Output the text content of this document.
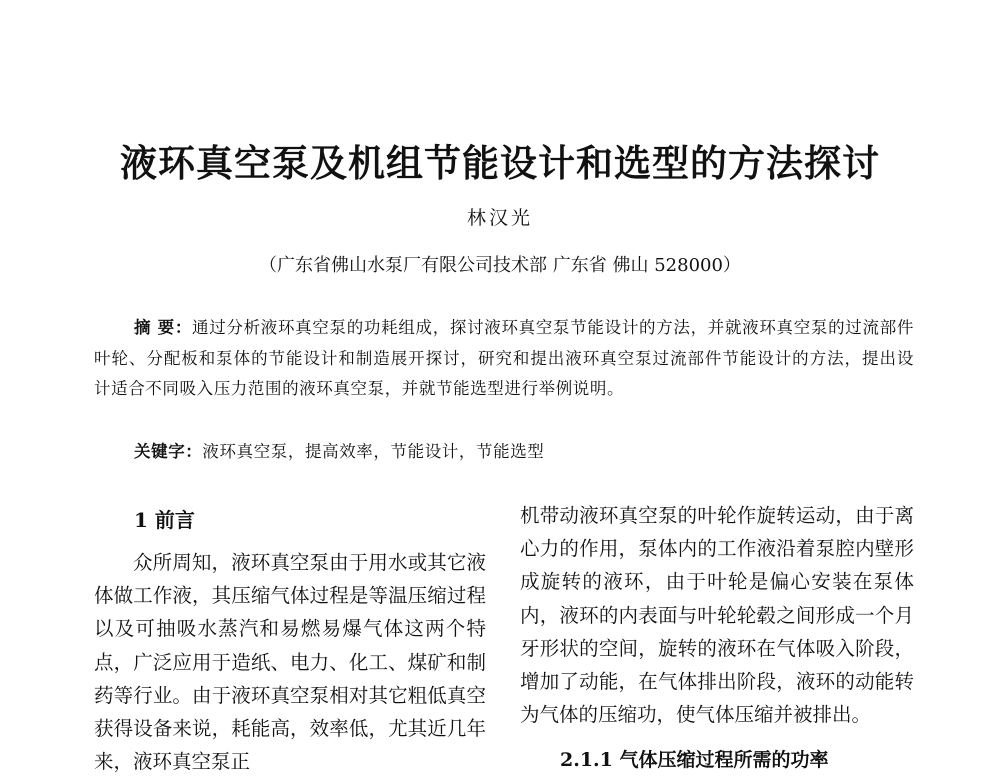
液环真空泵及机组节能设计和选型的方法探讨
林汉光
（广东省佛山水泵厂有限公司技术部 广东省 佛山 528000）
摘 要：通过分析液环真空泵的功耗组成，探讨液环真空泵节能设计的方法，并就液环真空泵的过流部件叶轮、分配板和泵体的节能设计和制造展开探讨，研究和提出液环真空泵过流部件节能设计的方法，提出设计适合不同吸入压力范围的液环真空泵，并就节能选型进行举例说明。
关键字：液环真空泵，提高效率，节能设计，节能选型
1 前言
众所周知，液环真空泵由于用水或其它液体做工作液，其压缩气体过程是等温压缩过程以及可抽吸水蒸汽和易燃易爆气体这两个特点，广泛应用于造纸、电力、化工、煤矿和制药等行业。由于液环真空泵相对其它粗低真空获得设备来说，耗能高，效率低，尤其近几年来，液环真空泵正
机带动液环真空泵的叶轮作旋转运动，由于离心力的作用，泵体内的工作液沿着泵腔内壁形成旋转的液环，由于叶轮是偏心安装在泵体内，液环的内表面与叶轮轮毂之间形成一个月牙形状的空间，旋转的液环在气体吸入阶段，增加了动能，在气体排出阶段，液环的动能转为气体的压缩功，使气体压缩并被排出。
2.1.1 气体压缩过程所需的功率
